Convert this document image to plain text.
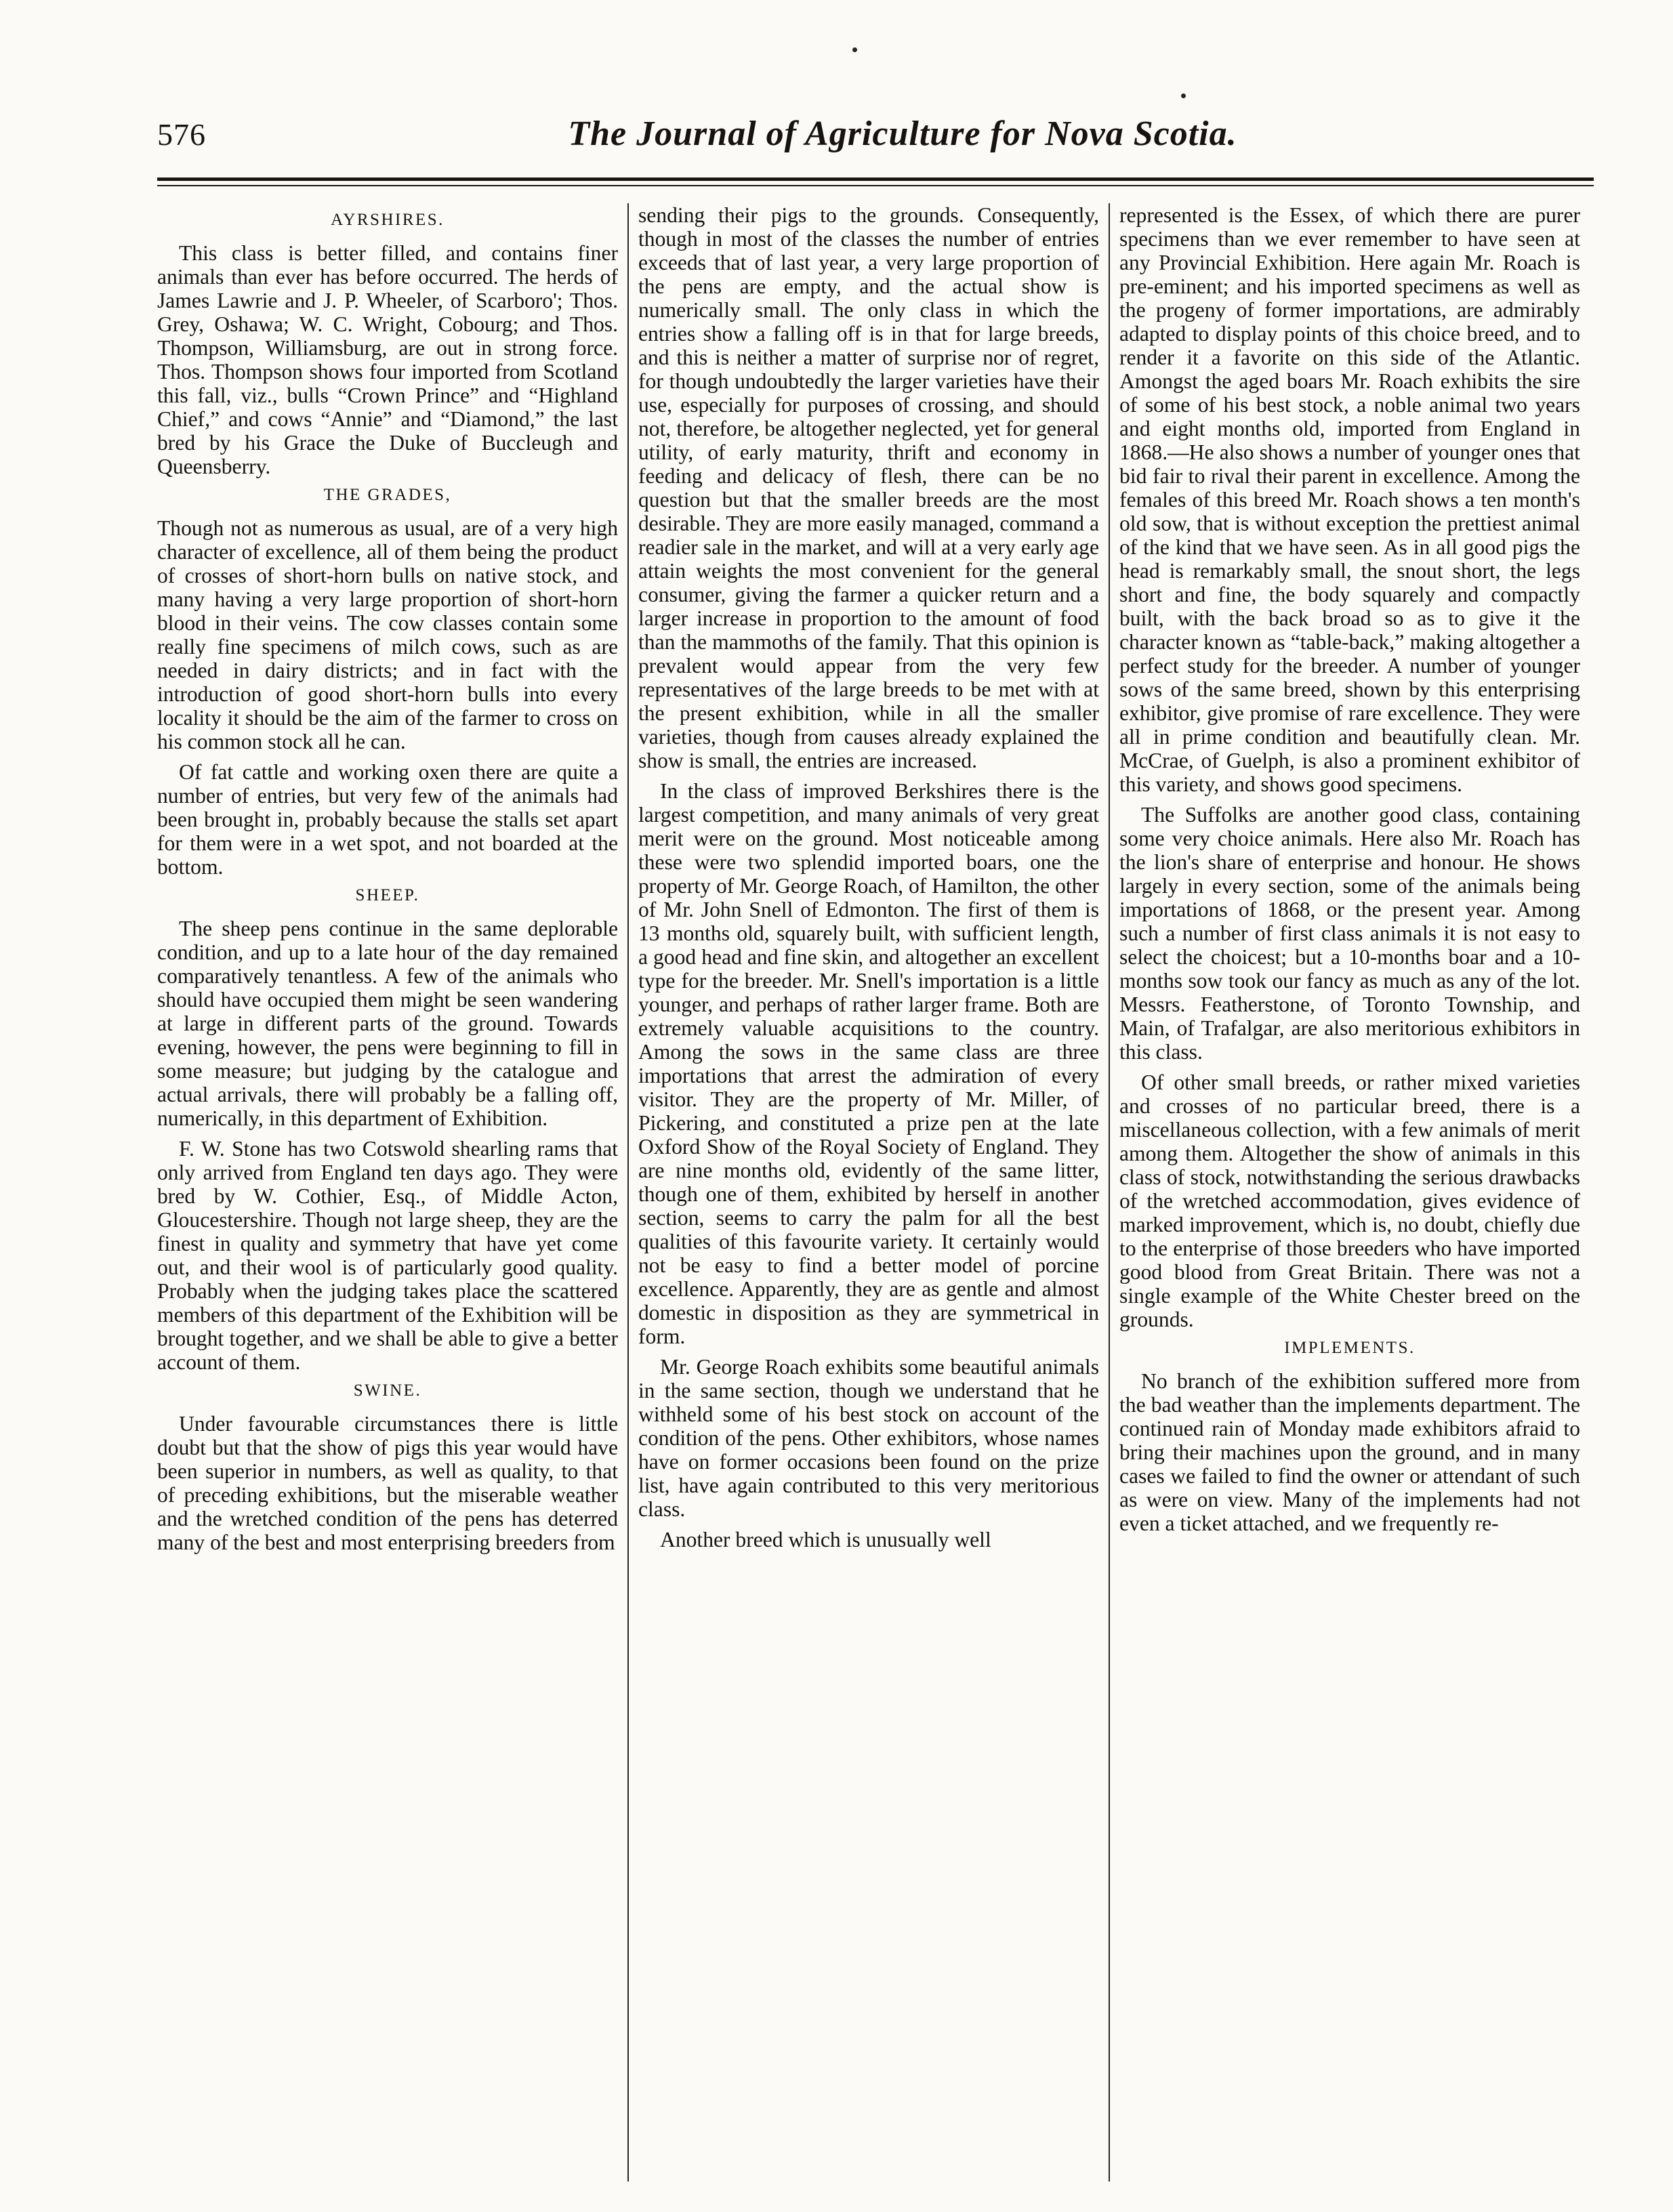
576	The Journal of Agriculture for Nova Scotia.
AYRSHIRES.
This class is better filled, and contains finer animals than ever has before occurred. The herds of James Lawrie and J. P. Wheeler, of Scarboro'; Thos. Grey, Oshawa; W. C. Wright, Cobourg; and Thos. Thompson, Williamsburg, are out in strong force. Thos. Thompson shows four imported from Scotland this fall, viz., bulls “Crown Prince” and “Highland Chief,” and cows “Annie” and “Diamond,” the last bred by his Grace the Duke of Buccleugh and Queensberry.
THE GRADES,
Though not as numerous as usual, are of a very high character of excellence, all of them being the product of crosses of short-horn bulls on native stock, and many having a very large proportion of short-horn blood in their veins. The cow classes contain some really fine specimens of milch cows, such as are needed in dairy districts; and in fact with the introduction of good short-horn bulls into every locality it should be the aim of the farmer to cross on his common stock all he can.
Of fat cattle and working oxen there are quite a number of entries, but very few of the animals had been brought in, probably because the stalls set apart for them were in a wet spot, and not boarded at the bottom.
SHEEP.
The sheep pens continue in the same deplorable condition, and up to a late hour of the day remained comparatively tenantless. A few of the animals who should have occupied them might be seen wandering at large in different parts of the ground. Towards evening, however, the pens were beginning to fill in some measure; but judging by the catalogue and actual arrivals, there will probably be a falling off, numerically, in this department of Exhibition.
F. W. Stone has two Cotswold shearling rams that only arrived from England ten days ago. They were bred by W. Cothier, Esq., of Middle Acton, Gloucestershire. Though not large sheep, they are the finest in quality and symmetry that have yet come out, and their wool is of particularly good quality. Probably when the judging takes place the scattered members of this department of the Exhibition will be brought together, and we shall be able to give a better account of them.
SWINE.
Under favourable circumstances there is little doubt but that the show of pigs this year would have been superior in numbers, as well as quality, to that of preceding exhibitions, but the miserable weather and the wretched condition of the pens has deterred many of the best and most enterprising breeders from
sending their pigs to the grounds. Consequently, though in most of the classes the number of entries exceeds that of last year, a very large proportion of the pens are empty, and the actual show is numerically small. The only class in which the entries show a falling off is in that for large breeds, and this is neither a matter of surprise nor of regret, for though undoubtedly the larger varieties have their use, especially for purposes of crossing, and should not, therefore, be altogether neglected, yet for general utility, of early maturity, thrift and economy in feeding and delicacy of flesh, there can be no question but that the smaller breeds are the most desirable. They are more easily managed, command a readier sale in the market, and will at a very early age attain weights the most convenient for the general consumer, giving the farmer a quicker return and a larger increase in proportion to the amount of food than the mammoths of the family. That this opinion is prevalent would appear from the very few representatives of the large breeds to be met with at the present exhibition, while in all the smaller varieties, though from causes already explained the show is small, the entries are increased.
In the class of improved Berkshires there is the largest competition, and many animals of very great merit were on the ground. Most noticeable among these were two splendid imported boars, one the property of Mr. George Roach, of Hamilton, the other of Mr. John Snell of Edmonton. The first of them is 13 months old, squarely built, with sufficient length, a good head and fine skin, and altogether an excellent type for the breeder. Mr. Snell's importation is a little younger, and perhaps of rather larger frame. Both are extremely valuable acquisitions to the country. Among the sows in the same class are three importations that arrest the admiration of every visitor. They are the property of Mr. Miller, of Pickering, and constituted a prize pen at the late Oxford Show of the Royal Society of England. They are nine months old, evidently of the same litter, though one of them, exhibited by herself in another section, seems to carry the palm for all the best qualities of this favourite variety. It certainly would not be easy to find a better model of porcine excellence. Apparently, they are as gentle and almost domestic in disposition as they are symmetrical in form.
Mr. George Roach exhibits some beautiful animals in the same section, though we understand that he withheld some of his best stock on account of the condition of the pens. Other exhibitors, whose names have on former occasions been found on the prize list, have again contributed to this very meritorious class.
Another breed which is unusually well
represented is the Essex, of which there are purer specimens than we ever remember to have seen at any Provincial Exhibition. Here again Mr. Roach is pre-eminent; and his imported specimens as well as the progeny of former importations, are admirably adapted to display points of this choice breed, and to render it a favorite on this side of the Atlantic. Amongst the aged boars Mr. Roach exhibits the sire of some of his best stock, a noble animal two years and eight months old, imported from England in 1868.—He also shows a number of younger ones that bid fair to rival their parent in excellence. Among the females of this breed Mr. Roach shows a ten month's old sow, that is without exception the prettiest animal of the kind that we have seen. As in all good pigs the head is remarkably small, the snout short, the legs short and fine, the body squarely and compactly built, with the back broad so as to give it the character known as “table-back,” making altogether a perfect study for the breeder. A number of younger sows of the same breed, shown by this enterprising exhibitor, give promise of rare excellence. They were all in prime condition and beautifully clean. Mr. McCrae, of Guelph, is also a prominent exhibitor of this variety, and shows good specimens.
The Suffolks are another good class, containing some very choice animals. Here also Mr. Roach has the lion's share of enterprise and honour. He shows largely in every section, some of the animals being importations of 1868, or the present year. Among such a number of first class animals it is not easy to select the choicest; but a 10-months boar and a 10-months sow took our fancy as much as any of the lot. Messrs. Featherstone, of Toronto Township, and Main, of Trafalgar, are also meritorious exhibitors in this class.
Of other small breeds, or rather mixed varieties and crosses of no particular breed, there is a miscellaneous collection, with a few animals of merit among them. Altogether the show of animals in this class of stock, notwithstanding the serious drawbacks of the wretched accommodation, gives evidence of marked improvement, which is, no doubt, chiefly due to the enterprise of those breeders who have imported good blood from Great Britain. There was not a single example of the White Chester breed on the grounds.
IMPLEMENTS.
No branch of the exhibition suffered more from the bad weather than the implements department. The continued rain of Monday made exhibitors afraid to bring their machines upon the ground, and in many cases we failed to find the owner or attendant of such as were on view. Many of the implements had not even a ticket attached, and we frequently re-
